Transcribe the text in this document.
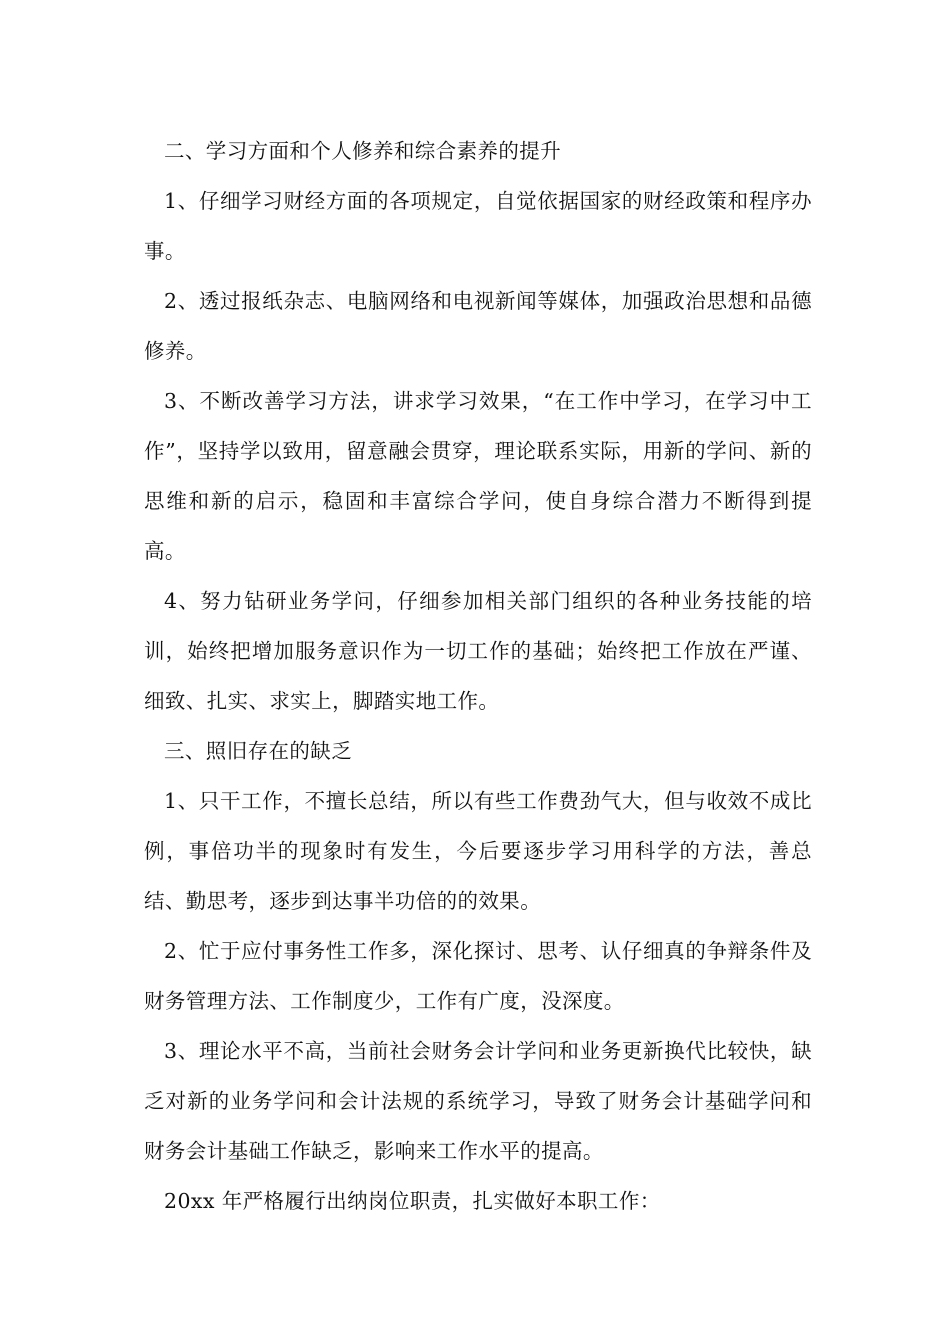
二、学习方面和个人修养和综合素养的提升

1、仔细学习财经方面的各项规定，自觉依据国家的财经政策和程序办事。

2、透过报纸杂志、电脑网络和电视新闻等媒体，加强政治思想和品德修养。

3、不断改善学习方法，讲求学习效果，“在工作中学习，在学习中工作”，坚持学以致用，留意融会贯穿，理论联系实际，用新的学问、新的思维和新的启示，稳固和丰富综合学问，使自身综合潜力不断得到提高。

4、努力钻研业务学问，仔细参加相关部门组织的各种业务技能的培训，始终把增加服务意识作为一切工作的基础；始终把工作放在严谨、细致、扎实、求实上，脚踏实地工作。

三、照旧存在的缺乏

1、只干工作，不擅长总结，所以有些工作费劲气大，但与收效不成比例，事倍功半的现象时有发生，今后要逐步学习用科学的方法，善总结、勤思考，逐步到达事半功倍的的效果。

2、忙于应付事务性工作多，深化探讨、思考、认仔细真的争辩条件及财务管理方法、工作制度少，工作有广度，没深度。

3、理论水平不高，当前社会财务会计学问和业务更新换代比较快，缺乏对新的业务学问和会计法规的系统学习，导致了财务会计基础学问和财务会计基础工作缺乏，影响来工作水平的提高。

20xx 年严格履行出纳岗位职责，扎实做好本职工作：
